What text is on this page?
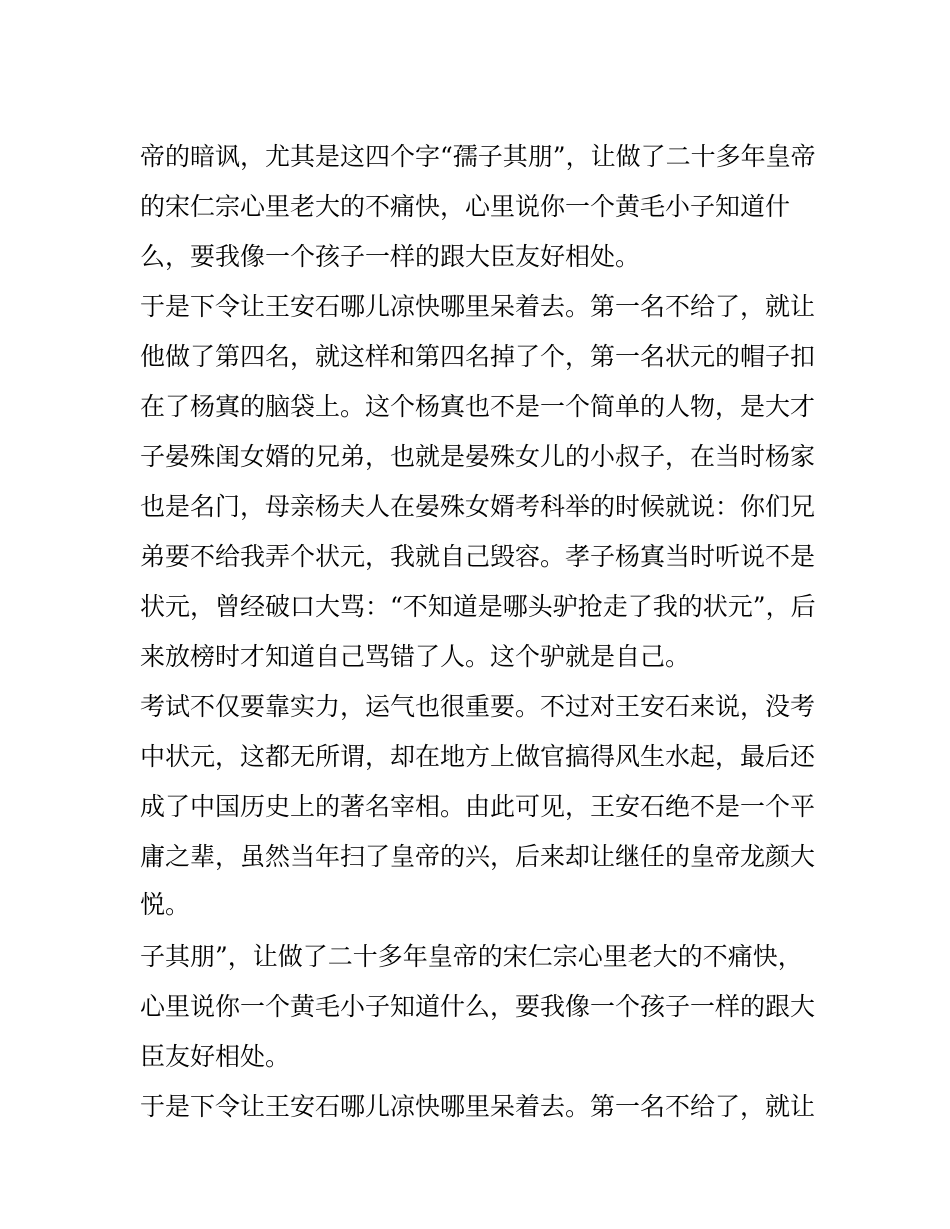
帝的暗讽，尤其是这四个字“孺子其朋”，让做了二十多年皇帝
的宋仁宗心里老大的不痛快，心里说你一个黄毛小子知道什
么，要我像一个孩子一样的跟大臣友好相处。
于是下令让王安石哪儿凉快哪里呆着去。第一名不给了，就让
他做了第四名，就这样和第四名掉了个，第一名状元的帽子扣
在了杨寘的脑袋上。这个杨寘也不是一个简单的人物，是大才
子晏殊闺女婿的兄弟，也就是晏殊女儿的小叔子，在当时杨家
也是名门，母亲杨夫人在晏殊女婿考科举的时候就说：你们兄
弟要不给我弄个状元，我就自己毁容。孝子杨寘当时听说不是
状元，曾经破口大骂：“不知道是哪头驴抢走了我的状元”，后
来放榜时才知道自己骂错了人。这个驴就是自己。
考试不仅要靠实力，运气也很重要。不过对王安石来说，没考
中状元，这都无所谓，却在地方上做官搞得风生水起，最后还
成了中国历史上的著名宰相。由此可见，王安石绝不是一个平
庸之辈，虽然当年扫了皇帝的兴，后来却让继任的皇帝龙颜大
悦。
子其朋”，让做了二十多年皇帝的宋仁宗心里老大的不痛快，
心里说你一个黄毛小子知道什么，要我像一个孩子一样的跟大
臣友好相处。
于是下令让王安石哪儿凉快哪里呆着去。第一名不给了，就让
